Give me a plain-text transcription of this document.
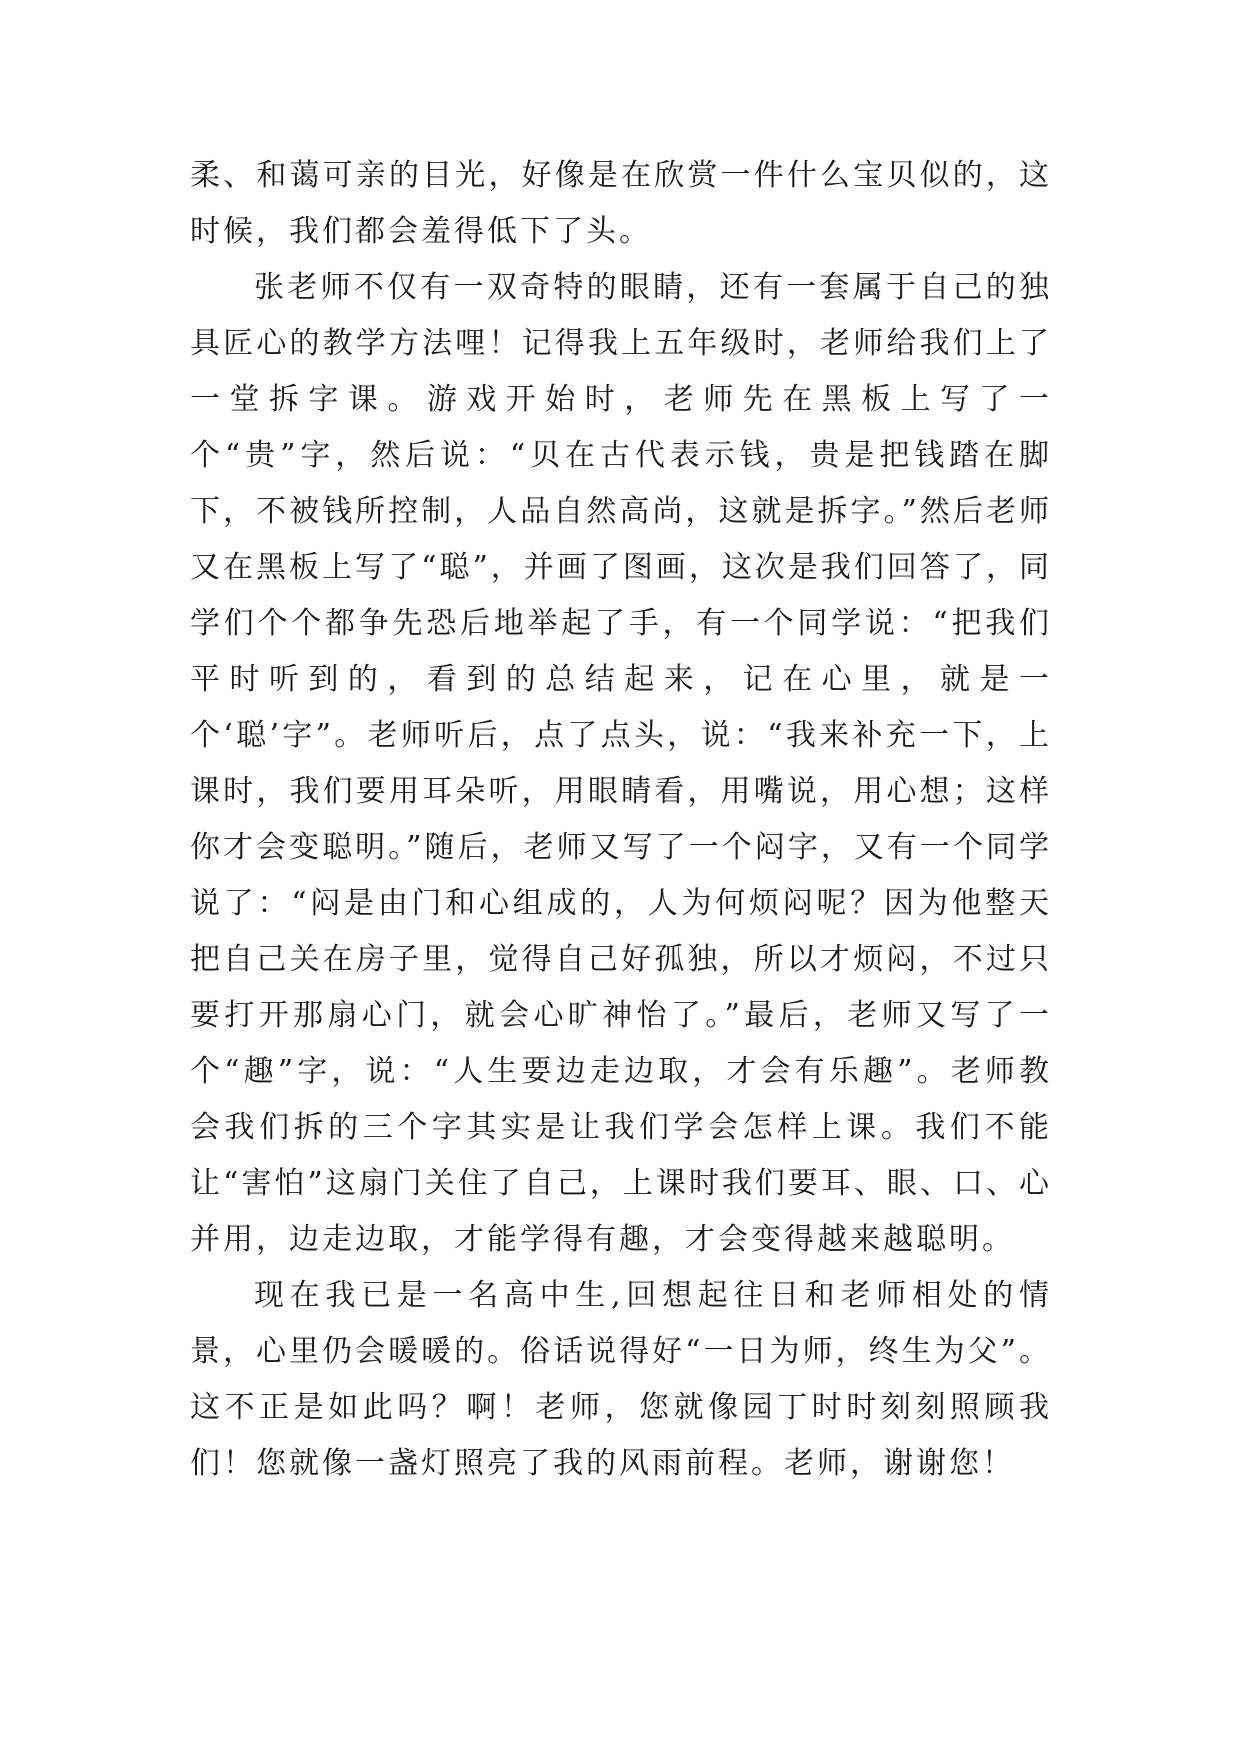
柔、和蔼可亲的目光，好像是在欣赏一件什么宝贝似的，这时候，我们都会羞得低下了头。

张老师不仅有一双奇特的眼睛，还有一套属于自己的独具匠心的教学方法哩！记得我上五年级时，老师给我们上了一堂拆字课。游戏开始时，老师先在黑板上写了一个“贵”字，然后说：“贝在古代表示钱，贵是把钱踏在脚下，不被钱所控制，人品自然高尚，这就是拆字。”然后老师又在黑板上写了“聪”，并画了图画，这次是我们回答了，同学们个个都争先恐后地举起了手，有一个同学说：“把我们平时听到的，看到的总结起来，记在心里，就是一个‘聪’字”。老师听后，点了点头，说：“我来补充一下，上课时，我们要用耳朵听，用眼睛看，用嘴说，用心想；这样你才会变聪明。”随后，老师又写了一个闷字，又有一个同学说了：“闷是由门和心组成的，人为何烦闷呢？因为他整天把自己关在房子里，觉得自己好孤独，所以才烦闷，不过只要打开那扇心门，就会心旷神怡了。”最后，老师又写了一个“趣”字，说：“人生要边走边取，才会有乐趣”。老师教会我们拆的三个字其实是让我们学会怎样上课。我们不能让“害怕”这扇门关住了自己，上课时我们要耳、眼、口、心并用，边走边取，才能学得有趣，才会变得越来越聪明。

现在我已是一名高中生,回想起往日和老师相处的情景，心里仍会暖暖的。俗话说得好“一日为师，终生为父”。这不正是如此吗？啊！老师，您就像园丁时时刻刻照顾我们！您就像一盏灯照亮了我的风雨前程。老师，谢谢您！
